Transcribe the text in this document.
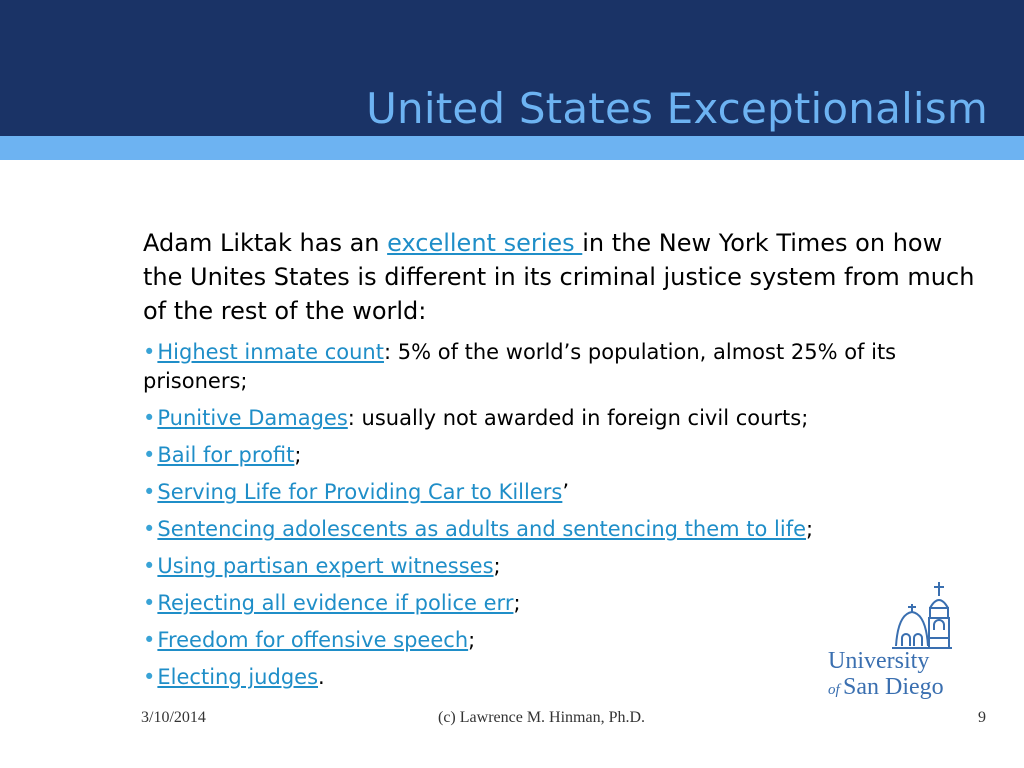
United States Exceptionalism

Adam Liktak has an excellent series in the New York Times on how the Unites States is different in its criminal justice system from much of the rest of the world:

•Highest inmate count: 5% of the world’s population, almost 25% of its prisoners;
•Punitive Damages: usually not awarded in foreign civil courts;
•Bail for profit;
•Serving Life for Providing Car to Killers’
•Sentencing adolescents as adults and sentencing them to life;
•Using partisan expert witnesses;
•Rejecting all evidence if police err;
•Freedom for offensive speech;
•Electing judges.
University
of San Diego
3/10/2014	(c) Lawrence M. Hinman, Ph.D.	9
